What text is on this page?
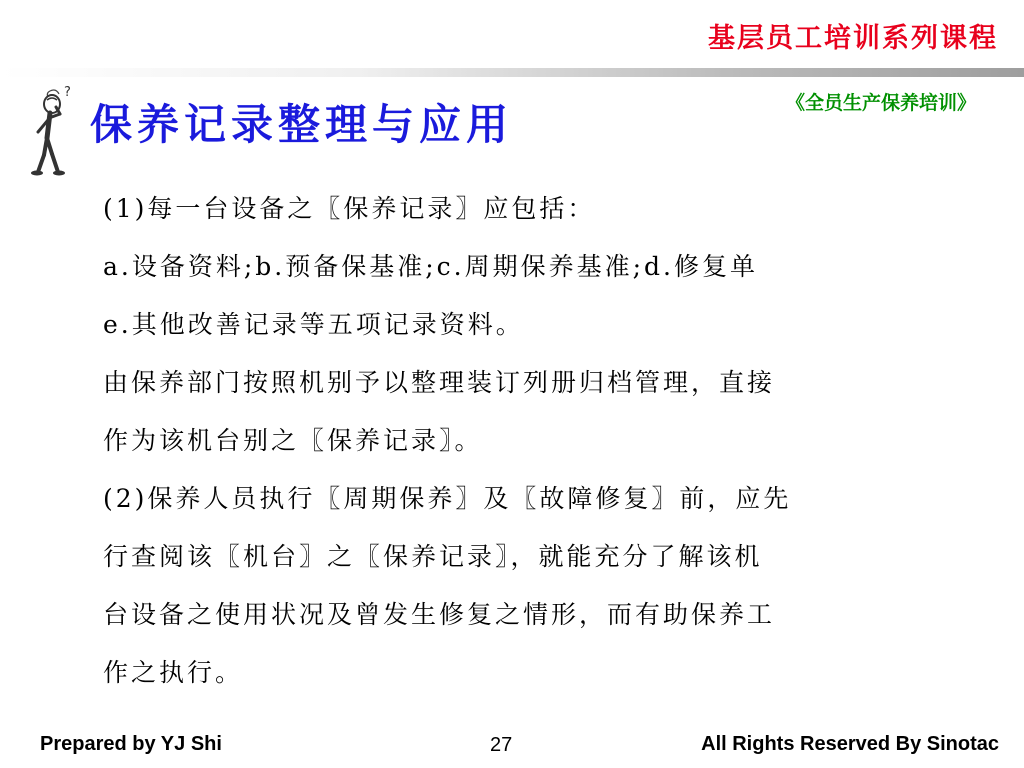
基层员工培训系列课程
《全员生产保养培训》
?
保养记录整理与应用

(1)每一台设备之〖保养记录〗应包括：

a.设备资料;b.预备保基准;c.周期保养基准;d.修复单

e.其他改善记录等五项记录资料。

由保养部门按照机别予以整理装订列册归档管理，直接

作为该机台别之〖保养记录〗。

(2)保养人员执行〖周期保养〗及〖故障修复〗前，应先

行查阅该〖机台〗之〖保养记录〗，就能充分了解该机

台设备之使用状况及曾发生修复之情形，而有助保养工

作之执行。

Prepared by YJ Shi	27	All Rights Reserved By Sinotac
